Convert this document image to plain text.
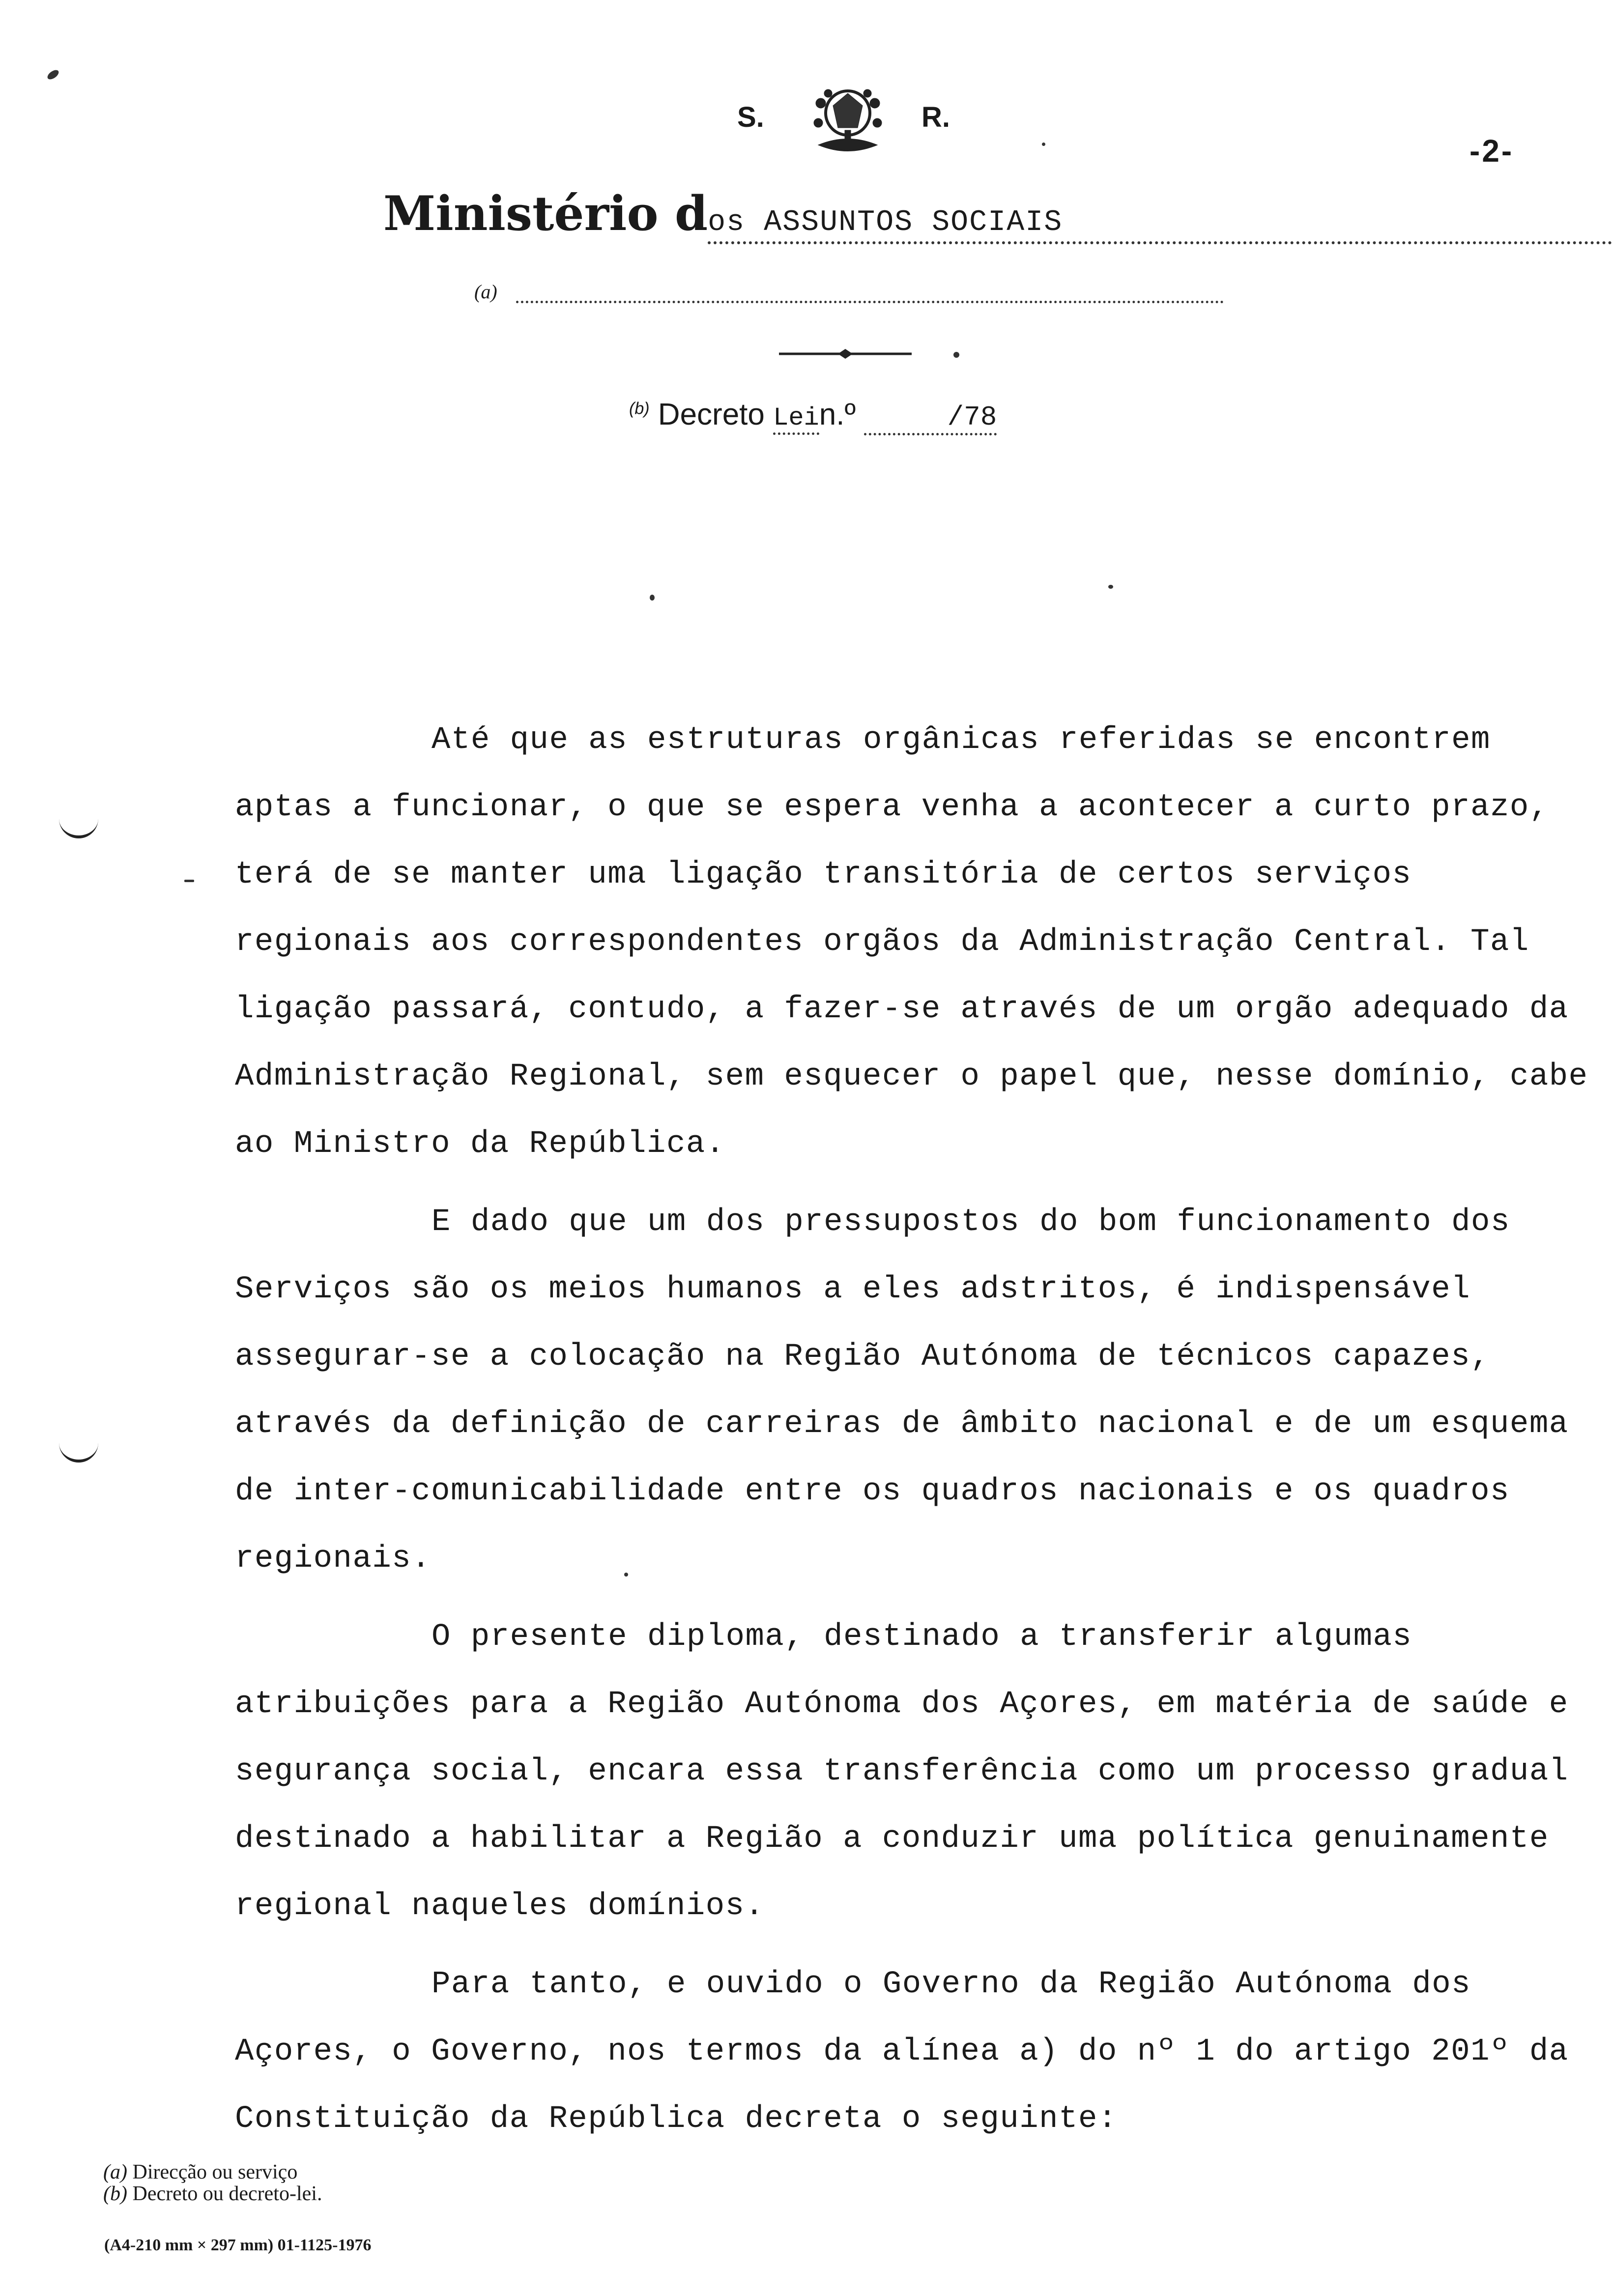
S.	R.
-2-
Ministério dos ASSUNTOS SOCIAIS
(a)
$^{(b)}$ Decreto Lein.º	/78

Até que as estruturas orgânicas referidas se encontrem aptas a funcionar, o que se espera venha a acontecer a curto prazo, terá de se manter uma ligação transitória de certos serviços regionais aos correspondentes orgãos da Administração Central. Tal ligação passará, contudo, a fazer-se através de um orgão adequado da Administração Regional, sem esquecer o papel que, nesse domínio, cabe ao Ministro da República.

E dado que um dos pressupostos do bom funcionamento dos Serviços são os meios humanos a eles adstritos, é indispensável assegurar-se a colocação na Região Autónoma de técnicos capazes, através da definição de carreiras de âmbito nacional e de um esquema de inter-comunicabilidade entre os quadros nacionais e os quadros regionais.

O presente diploma, destinado a transferir algumas atribuições para a Região Autónoma dos Açores, em matéria de saúde e segurança social, encara essa transferência como um processo gradual destinado a habilitar a Região a conduzir uma política genuinamente regional naqueles domínios.

Para tanto, e ouvido o Governo da Região Autónoma dos Açores, o Governo, nos termos da alínea a) do nº 1 do artigo 201º da Constituição da República decreta o seguinte:

(a) Direcção ou serviço
(b) Decreto ou decreto-lei.
(A4-210 mm × 297 mm) 01-1125-1976
